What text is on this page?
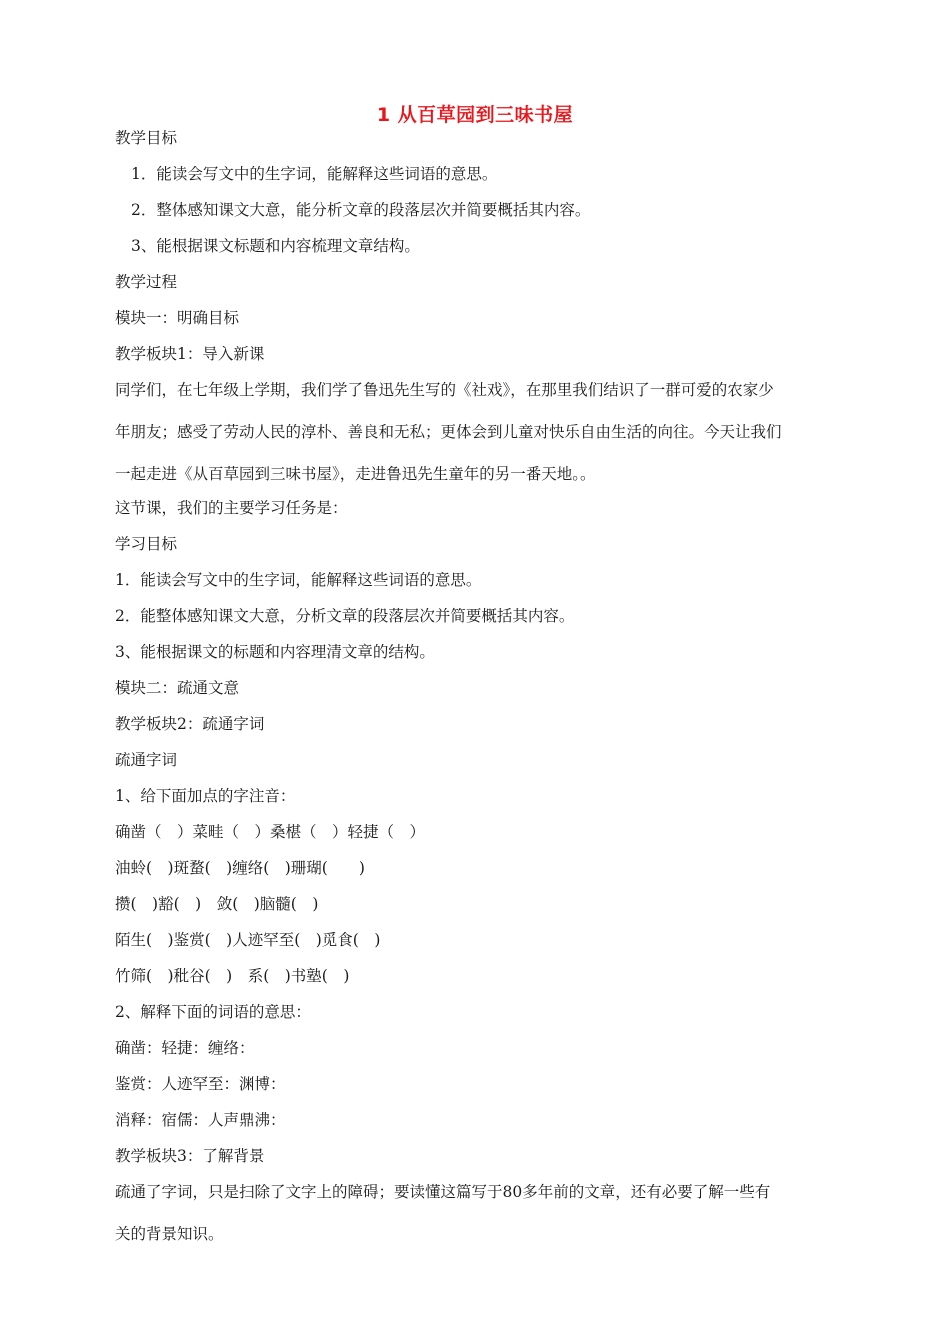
1 从百草园到三味书屋
教学目标
1．能读会写文中的生字词，能解释这些词语的意思。
2．整体感知课文大意，能分析文章的段落层次并简要概括其内容。
3、能根据课文标题和内容梳理文章结构。
教学过程
模块一：明确目标
教学板块1：导入新课
同学们，在七年级上学期，我们学了鲁迅先生写的《社戏》，在那里我们结识了一群可爱的农家少
年朋友；感受了劳动人民的淳朴、善良和无私；更体会到儿童对快乐自由生活的向往。今天让我们
一起走进《从百草园到三味书屋》，走进鲁迅先生童年的另一番天地。。
这节课，我们的主要学习任务是：
学习目标
1．能读会写文中的生字词，能解释这些词语的意思。
2．能整体感知课文大意，分析文章的段落层次并简要概括其内容。
3、能根据课文的标题和内容理清文章的结构。
模块二：疏通文意
教学板块2：疏通字词
疏通字词
1、给下面加点的字注音：
确凿（　）菜畦（　）桑椹（　）轻捷（　）
油蛉(　)斑蝥(　)缠络(　)珊瑚(　　)
攒(　)豁(　)　敛(　)脑髓(　)
陌生(　)鉴赏(　)人迹罕至(　)觅食(　)
竹筛(　)秕谷(　)　系(　)书塾(　)
2、解释下面的词语的意思：
确凿：轻捷：缠络：
鉴赏：人迹罕至：渊博：
消释：宿儒：人声鼎沸：
教学板块3：了解背景
疏通了字词，只是扫除了文字上的障碍；要读懂这篇写于80多年前的文章，还有必要了解一些有
关的背景知识。
